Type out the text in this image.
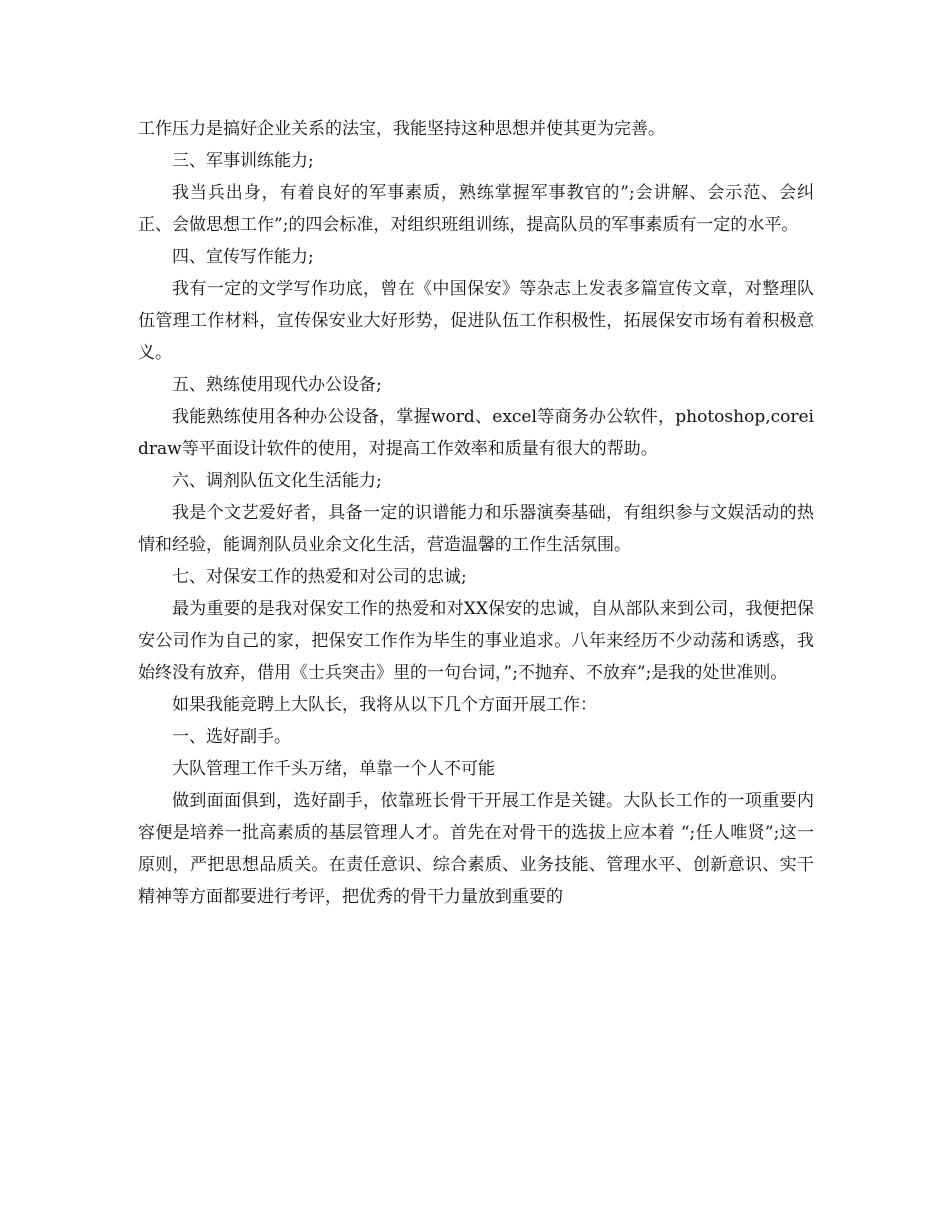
工作压力是搞好企业关系的法宝，我能坚持这种思想并使其更为完善。

三、军事训练能力;

我当兵出身，有着良好的军事素质，熟练掌握军事教官的”;会讲解、会示范、会纠正、会做思想工作”;的四会标准，对组织班组训练，提高队员的军事素质有一定的水平。

四、宣传写作能力;

我有一定的文学写作功底，曾在《中国保安》等杂志上发表多篇宣传文章，对整理队伍管理工作材料，宣传保安业大好形势，促进队伍工作积极性，拓展保安市场有着积极意义。

五、熟练使用现代办公设备;

我能熟练使用各种办公设备，掌握word、excel等商务办公软件，photoshop,coreidraw等平面设计软件的使用，对提高工作效率和质量有很大的帮助。

六、调剂队伍文化生活能力;

我是个文艺爱好者，具备一定的识谱能力和乐器演奏基础，有组织参与文娱活动的热情和经验，能调剂队员业余文化生活，营造温馨的工作生活氛围。

七、对保安工作的热爱和对公司的忠诚;

最为重要的是我对保安工作的热爱和对XX保安的忠诚，自从部队来到公司，我便把保安公司作为自己的家，把保安工作作为毕生的事业追求。八年来经历不少动荡和诱惑，我始终没有放弃，借用《士兵突击》里的一句台词，”;不抛弃、不放弃”;是我的处世准则。

如果我能竞聘上大队长，我将从以下几个方面开展工作：

一、选好副手。

大队管理工作千头万绪，单靠一个人不可能

做到面面俱到，选好副手，依靠班长骨干开展工作是关键。大队长工作的一项重要内容便是培养一批高素质的基层管理人才。首先在对骨干的选拔上应本着 “;任人唯贤”;这一原则，严把思想品质关。在责任意识、综合素质、业务技能、管理水平、创新意识、实干精神等方面都要进行考评，把优秀的骨干力量放到重要的
